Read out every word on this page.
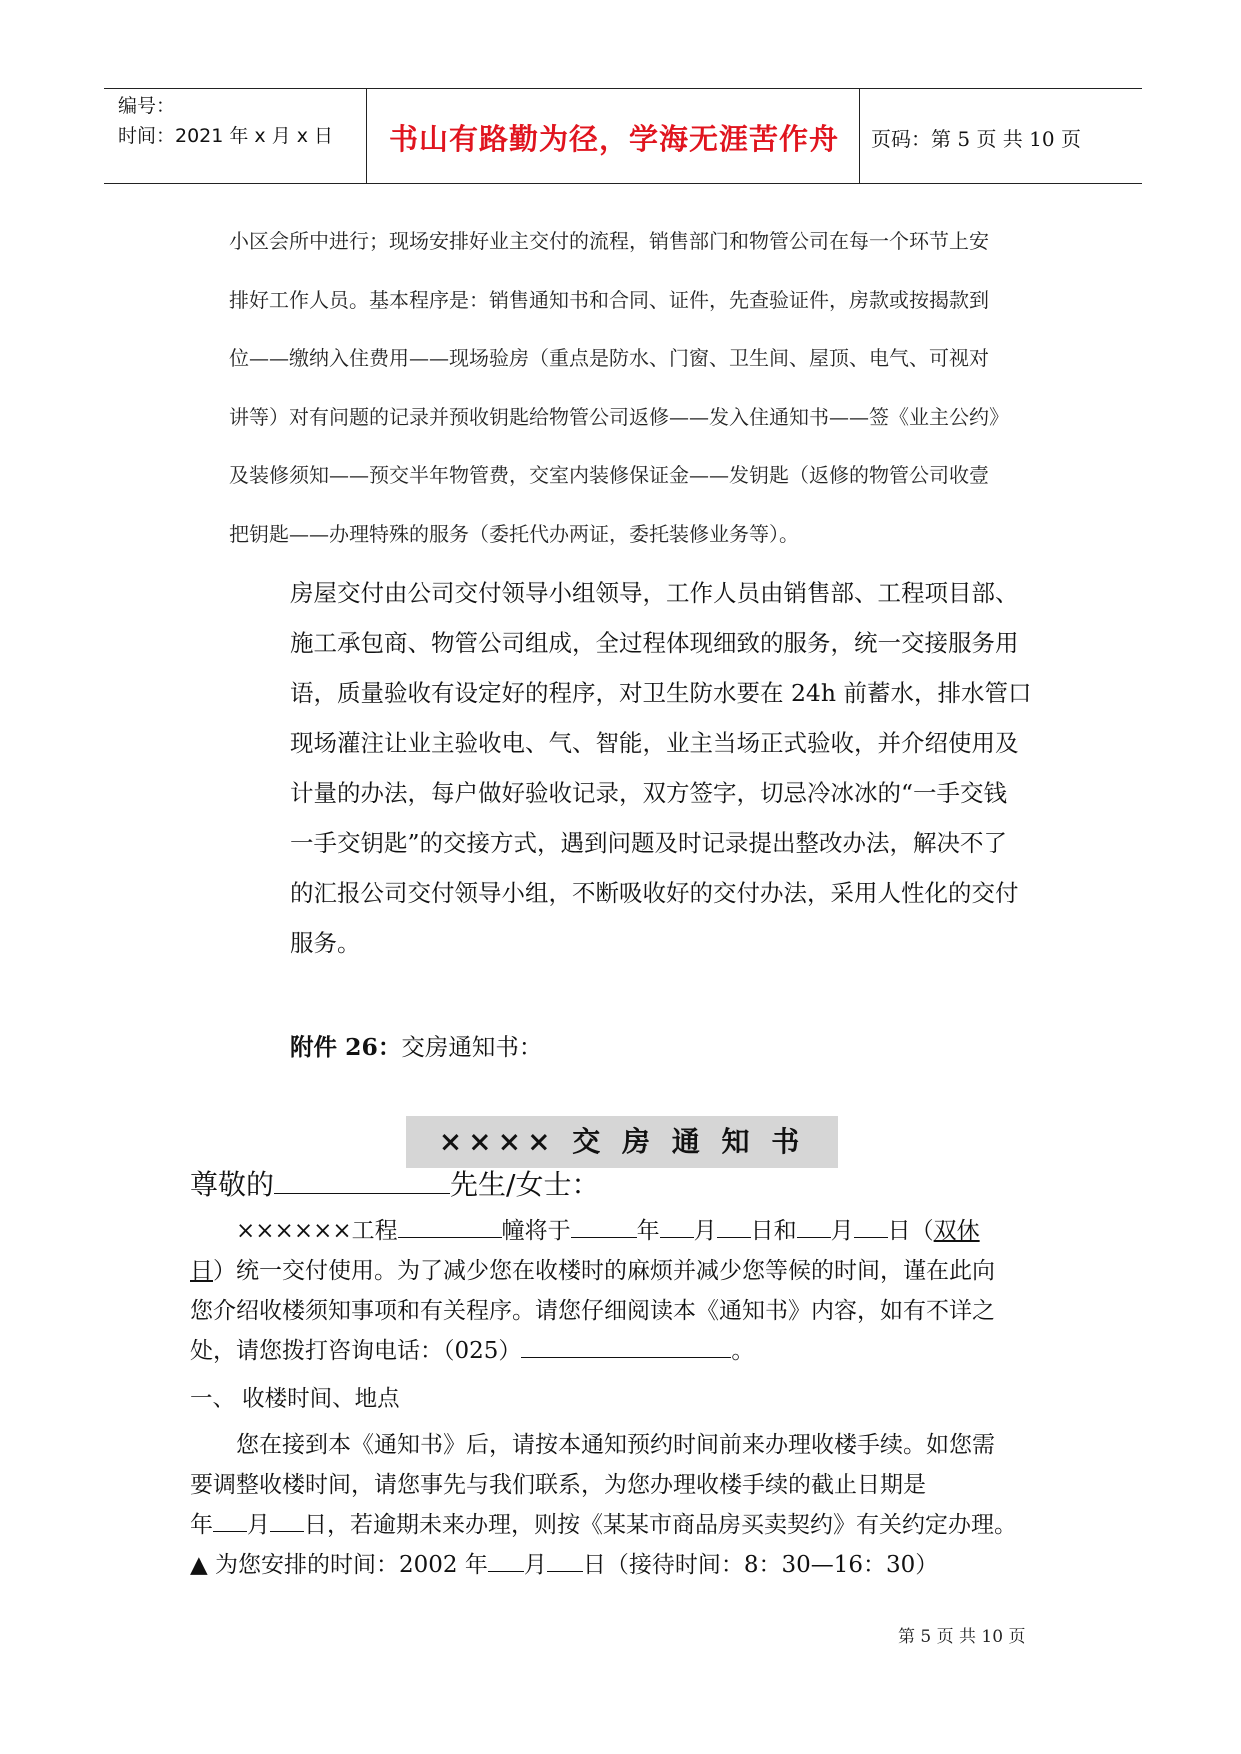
编号：
时间：2021 年 x 月 x 日	书山有路勤为径，学海无涯苦作舟	页码：第 5 页 共 10 页
小区会所中进行；现场安排好业主交付的流程，销售部门和物管公司在每一个环节上安
排好工作人员。基本程序是：销售通知书和合同、证件，先查验证件，房款或按揭款到
位——缴纳入住费用——现场验房（重点是防水、门窗、卫生间、屋顶、电气、可视对
讲等）对有问题的记录并预收钥匙给物管公司返修——发入住通知书——签《业主公约》
及装修须知——预交半年物管费，交室内装修保证金——发钥匙（返修的物管公司收壹
把钥匙——办理特殊的服务（委托代办两证，委托装修业务等）。
房屋交付由公司交付领导小组领导，工作人员由销售部、工程项目部、
施工承包商、物管公司组成，全过程体现细致的服务，统一交接服务用
语，质量验收有设定好的程序，对卫生防水要在 24h 前蓄水，排水管口
现场灌注让业主验收电、气、智能，业主当场正式验收，并介绍使用及
计量的办法，每户做好验收记录，双方签字，切忌冷冰冰的“一手交钱
一手交钥匙”的交接方式，遇到问题及时记录提出整改办法，解决不了
的汇报公司交付领导小组，不断吸收好的交付办法，采用人性化的交付
服务。
附件 26：交房通知书：
×××× 交 房 通 知 书
尊敬的	先生/女士：
××××××工程	幢将于	年 月 日和 月 日（双休
日）统一交付使用。为了减少您在收楼时的麻烦并减少您等候的时间，谨在此向
您介绍收楼须知事项和有关程序。请您仔细阅读本《通知书》内容，如有不详之
处，请您拨打咨询电话：（025）	。
一、 收楼时间、地点
您在接到本《通知书》后，请按本通知预约时间前来办理收楼手续。如您需
要调整收楼时间，请您事先与我们联系，为您办理收楼手续的截止日期是
年 月 日，若逾期未来办理，则按《某某市商品房买卖契约》有关约定办理。
▲ 为您安排的时间：2002 年 月 日（接待时间：8：30—16：30）
第 5 页 共 10 页
